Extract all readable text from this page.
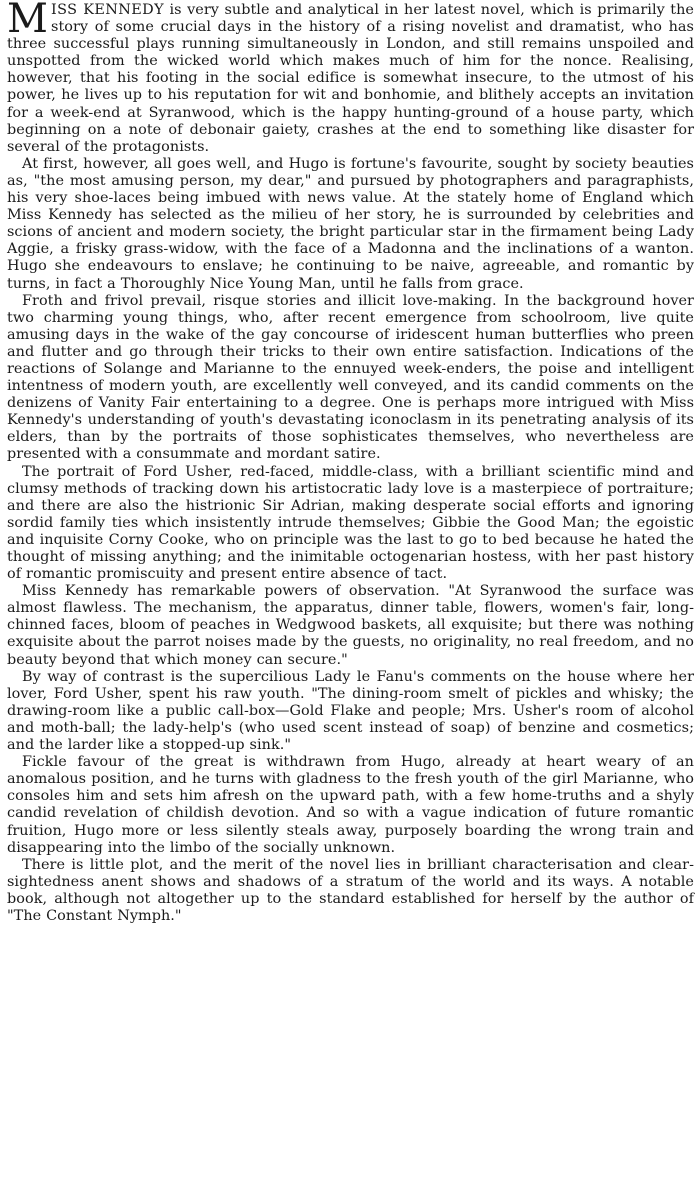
MISS KENNEDY is very subtle and analytical in her latest novel, which is primarily the story of some crucial days in the history of a rising novelist and dramatist, who has three successful plays running simultaneously in London, and still remains unspoiled and unspotted from the wicked world which makes much of him for the nonce. Realising, however, that his footing in the social edifice is somewhat insecure, to the utmost of his power, he lives up to his reputation for wit and bonhomie, and blithely accepts an invitation for a week-end at Syranwood, which is the happy hunting-ground of a house party, which beginning on a note of debonair gaiety, crashes at the end to something like disaster for several of the protagonists.

At first, however, all goes well, and Hugo is fortune's favourite, sought by society beauties as, "the most amusing person, my dear," and pursued by photographers and paragraphists, his very shoe-laces being imbued with news value. At the stately home of England which Miss Kennedy has selected as the milieu of her story, he is surrounded by celebrities and scions of ancient and modern society, the bright particular star in the firmament being Lady Aggie, a frisky grass-widow, with the face of a Madonna and the inclinations of a wanton. Hugo she endeavours to enslave; he continuing to be naive, agreeable, and romantic by turns, in fact a Thoroughly Nice Young Man, until he falls from grace.

Froth and frivol prevail, risque stories and illicit love-making. In the background hover two charming young things, who, after recent emergence from schoolroom, live quite amusing days in the wake of the gay concourse of iridescent human butterflies who preen and flutter and go through their tricks to their own entire satisfaction. Indications of the reactions of Solange and Marianne to the ennuyed week-enders, the poise and intelligent intentness of modern youth, are excellently well conveyed, and its candid comments on the denizens of Vanity Fair entertaining to a degree. One is perhaps more intrigued with Miss Kennedy's understanding of youth's devastating iconoclasm in its penetrating analysis of its elders, than by the portraits of those sophisticates themselves, who nevertheless are presented with a consummate and mordant satire.

The portrait of Ford Usher, red-faced, middle-class, with a brilliant scientific mind and clumsy methods of tracking down his artistocratic lady love is a masterpiece of portraiture; and there are also the histrionic Sir Adrian, making desperate social efforts and ignoring sordid family ties which insistently intrude themselves; Gibbie the Good Man; the egoistic and inquisite Corny Cooke, who on principle was the last to go to bed because he hated the thought of missing anything; and the inimitable octogenarian hostess, with her past history of romantic promiscuity and present entire absence of tact.

Miss Kennedy has remarkable powers of observation. "At Syranwood the surface was almost flawless. The mechanism, the apparatus, dinner table, flowers, women's fair, long-chinned faces, bloom of peaches in Wedgwood baskets, all exquisite; but there was nothing exquisite about the parrot noises made by the guests, no originality, no real freedom, and no beauty beyond that which money can secure."

By way of contrast is the supercilious Lady le Fanu's comments on the house where her lover, Ford Usher, spent his raw youth. "The dining-room smelt of pickles and whisky; the drawing-room like a public call-box—Gold Flake and people; Mrs. Usher's room of alcohol and moth-ball; the lady-help's (who used scent instead of soap) of benzine and cosmetics; and the larder like a stopped-up sink."

Fickle favour of the great is withdrawn from Hugo, already at heart weary of an anomalous position, and he turns with gladness to the fresh youth of the girl Marianne, who consoles him and sets him afresh on the upward path, with a few home-truths and a shyly candid revelation of childish devotion. And so with a vague indication of future romantic fruition, Hugo more or less silently steals away, purposely boarding the wrong train and disappearing into the limbo of the socially unknown.

There is little plot, and the merit of the novel lies in brilliant characterisation and clear-sightedness anent shows and shadows of a stratum of the world and its ways. A notable book, although not altogether up to the standard established for herself by the author of "The Constant Nymph."
